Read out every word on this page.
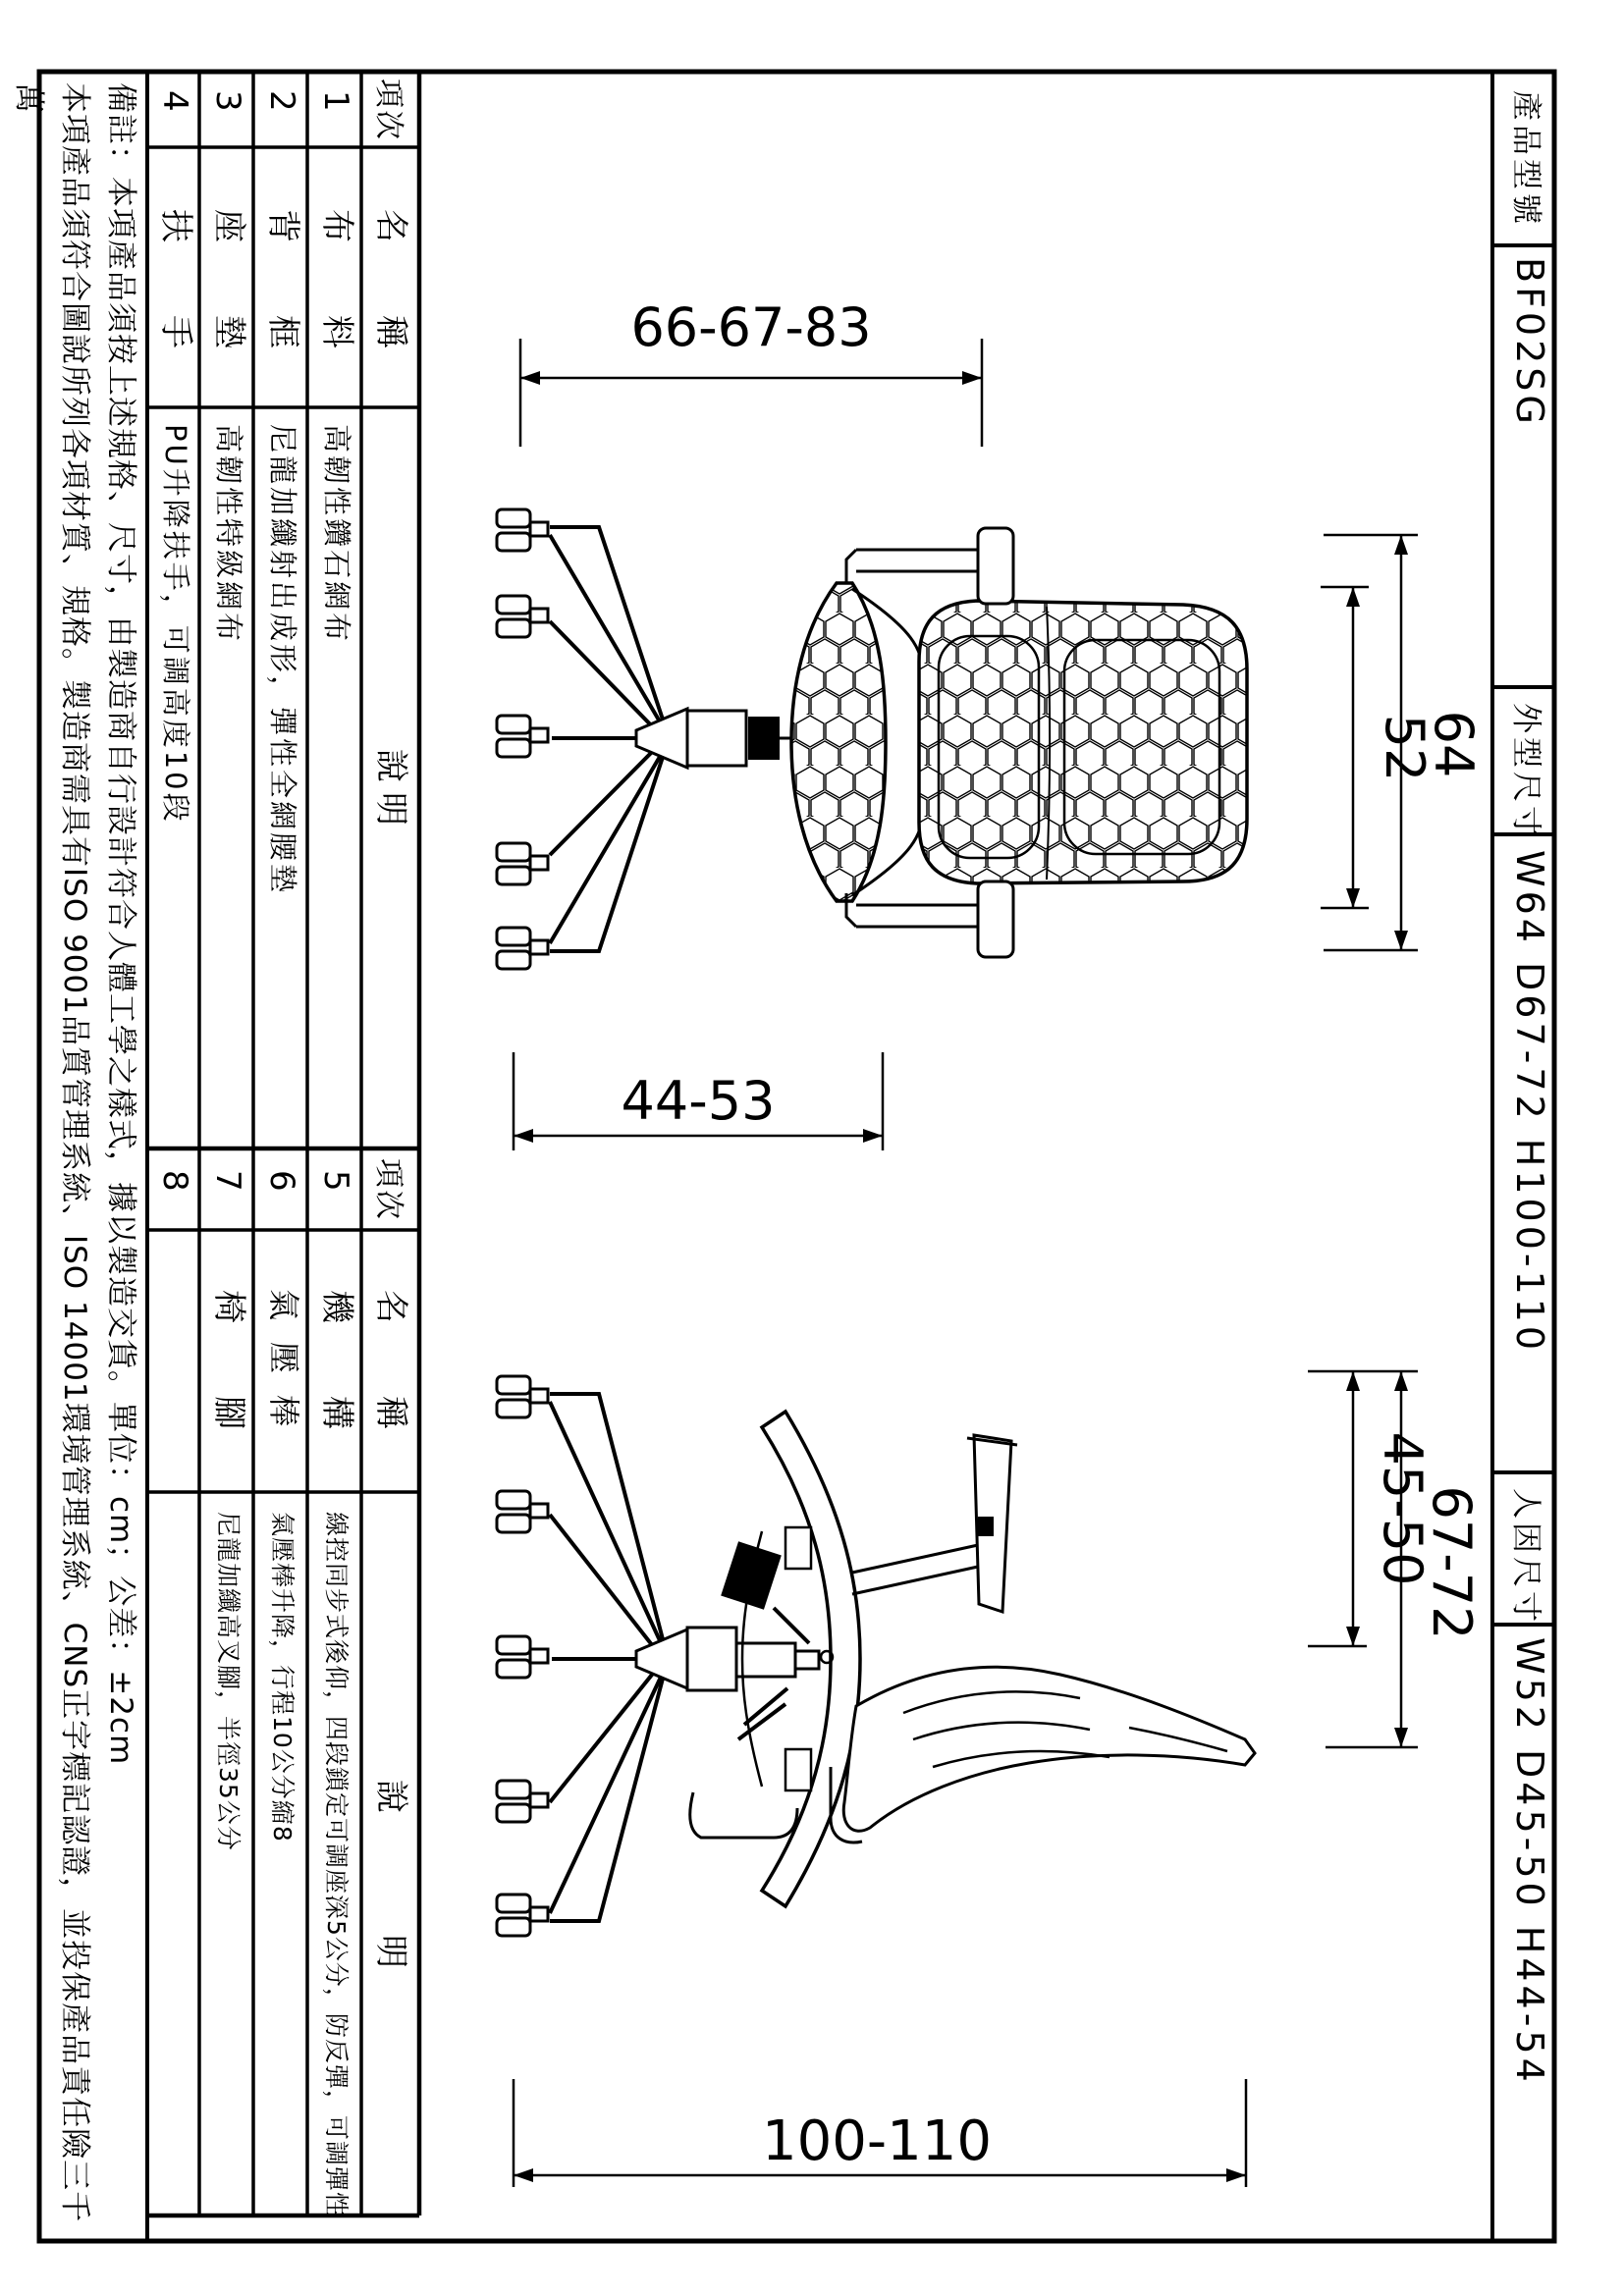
66-67-83
52
64
44-53
45-50
67-72
100-110
備註：本項產品須按上述規格、尺寸，由製造商自行設計符合人體工學之樣式，據以製造交貨。單位：cm；公差：±2cm
本項產品須符合圖說所列各項材質、規格。製造商需具有ISO 9001品質管理系統、ISO 14001環境管理系統、CNS正字標記認證，並投保產品責任險三千萬	項次
名稱
說明
1
布料
高韌性鑽石網布
2
背框
尼龍加纖射出成形，彈性全網腰墊
3
座墊
高韌性特級網布
4
扶手
PU升降扶手，可調高度10段
項次
名稱
說明
5
機構
線控同步式後仰，四段鎖定可調座深5公分，防反彈，可調彈性
6
氣壓棒
氣壓棒升降，行程10公分縮8
7
椅腳
尼龍加纖高叉腳，半徑35公分
8
產品型號
BF02SG
外型尺寸
W64 D67-72 H100-110
人因尺寸
W52 D45-50 H44-54
